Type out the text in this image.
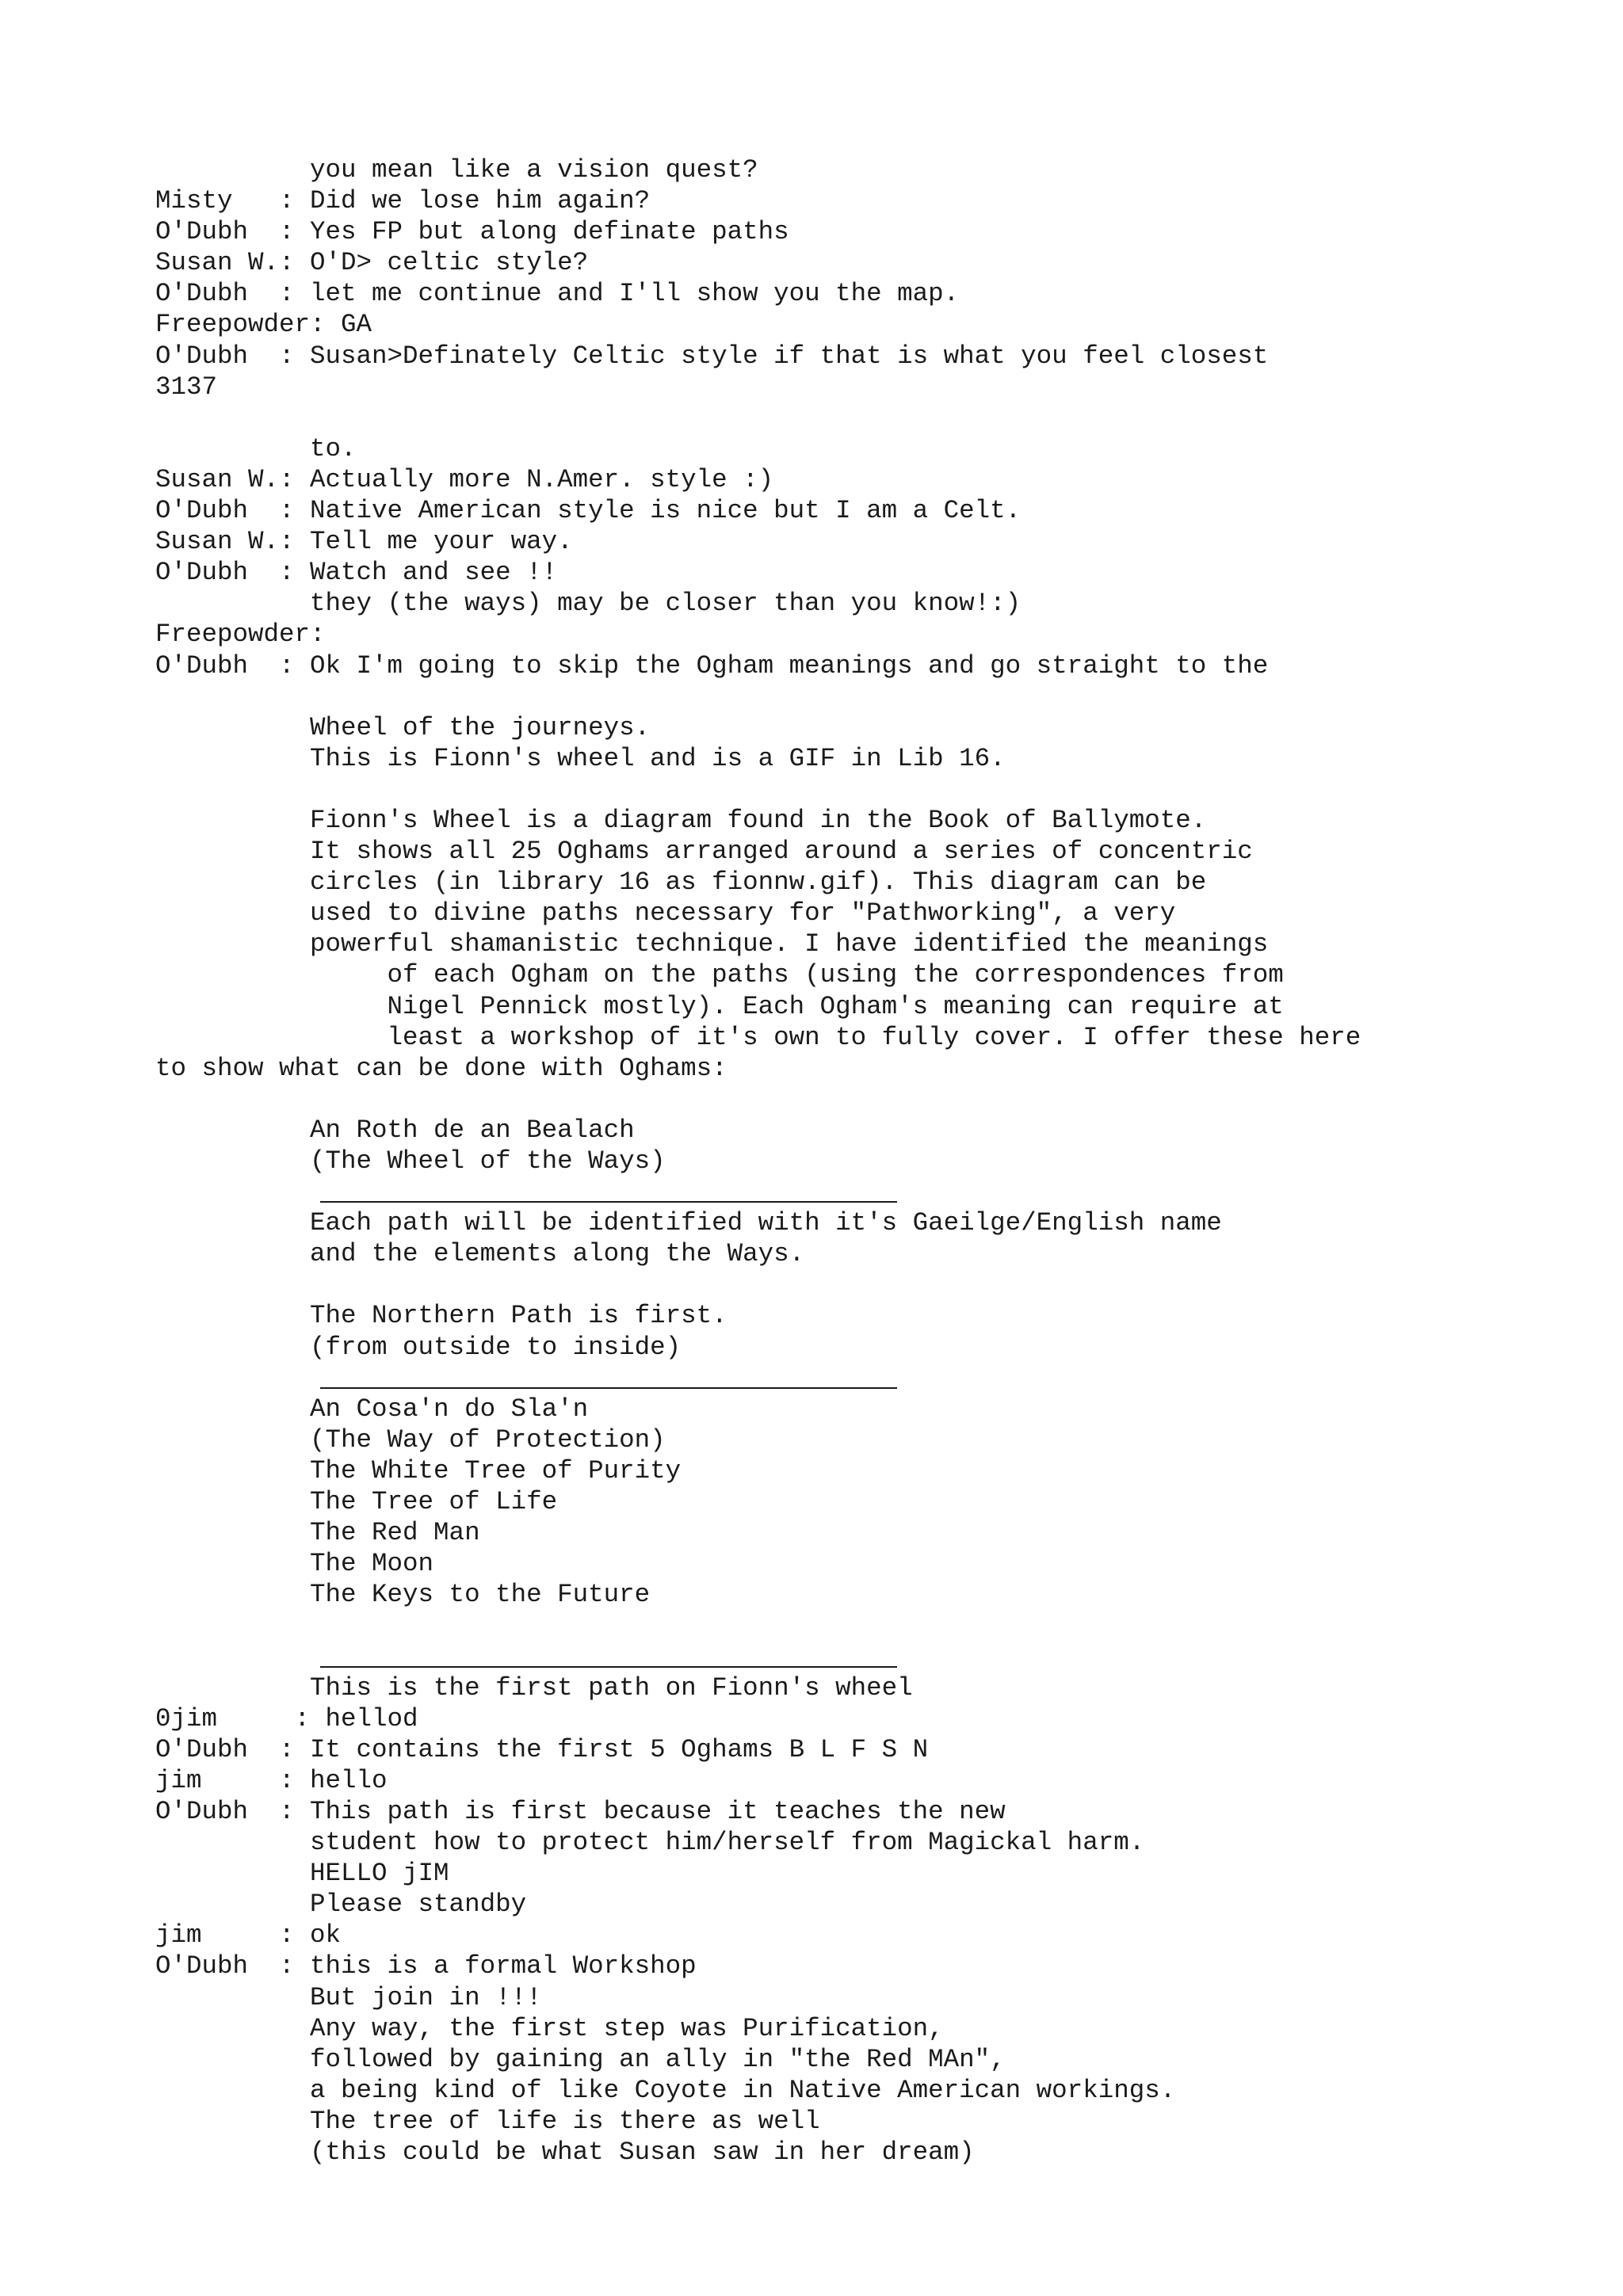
you mean like a vision quest?
Misty   : Did we lose him again?
O'Dubh  : Yes FP but along definate paths
Susan W.: O'D> celtic style?
O'Dubh  : let me continue and I'll show you the map.
Freepowder: GA
O'Dubh  : Susan>Definately Celtic style if that is what you feel closest
3137
to.
Susan W.: Actually more N.Amer. style :)
O'Dubh  : Native American style is nice but I am a Celt.
Susan W.: Tell me your way.
O'Dubh  : Watch and see !!
they (the ways) may be closer than you know!:)
Freepowder:
O'Dubh  : Ok I'm going to skip the Ogham meanings and go straight to the
Wheel of the journeys.
This is Fionn's wheel and is a GIF in Lib 16.
Fionn's Wheel is a diagram found in the Book of Ballymote.
It shows all 25 Oghams arranged around a series of concentric
circles (in library 16 as fionnw.gif). This diagram can be
used to divine paths necessary for "Pathworking", a very
powerful shamanistic technique. I have identified the meanings
of each Ogham on the paths (using the correspondences from
Nigel Pennick mostly). Each Ogham's meaning can require at
least a workshop of it's own to fully cover. I offer these here
to show what can be done with Oghams:
An Roth de an Bealach
(The Wheel of the Ways)
Each path will be identified with it's Gaeilge/English name
and the elements along the Ways.
The Northern Path is first.
(from outside to inside)
An Cosa'n do Sla'n
(The Way of Protection)
The White Tree of Purity
The Tree of Life
The Red Man
The Moon
The Keys to the Future
This is the first path on Fionn's wheel
0jim     : hellod
O'Dubh  : It contains the first 5 Oghams B L F S N
jim     : hello
O'Dubh  : This path is first because it teaches the new
student how to protect him/herself from Magickal harm.
HELLO jIM
Please standby
jim     : ok
O'Dubh  : this is a formal Workshop
But join in !!!
Any way, the first step was Purification,
followed by gaining an ally in "the Red MAn",
a being kind of like Coyote in Native American workings.
The tree of life is there as well
(this could be what Susan saw in her dream)
